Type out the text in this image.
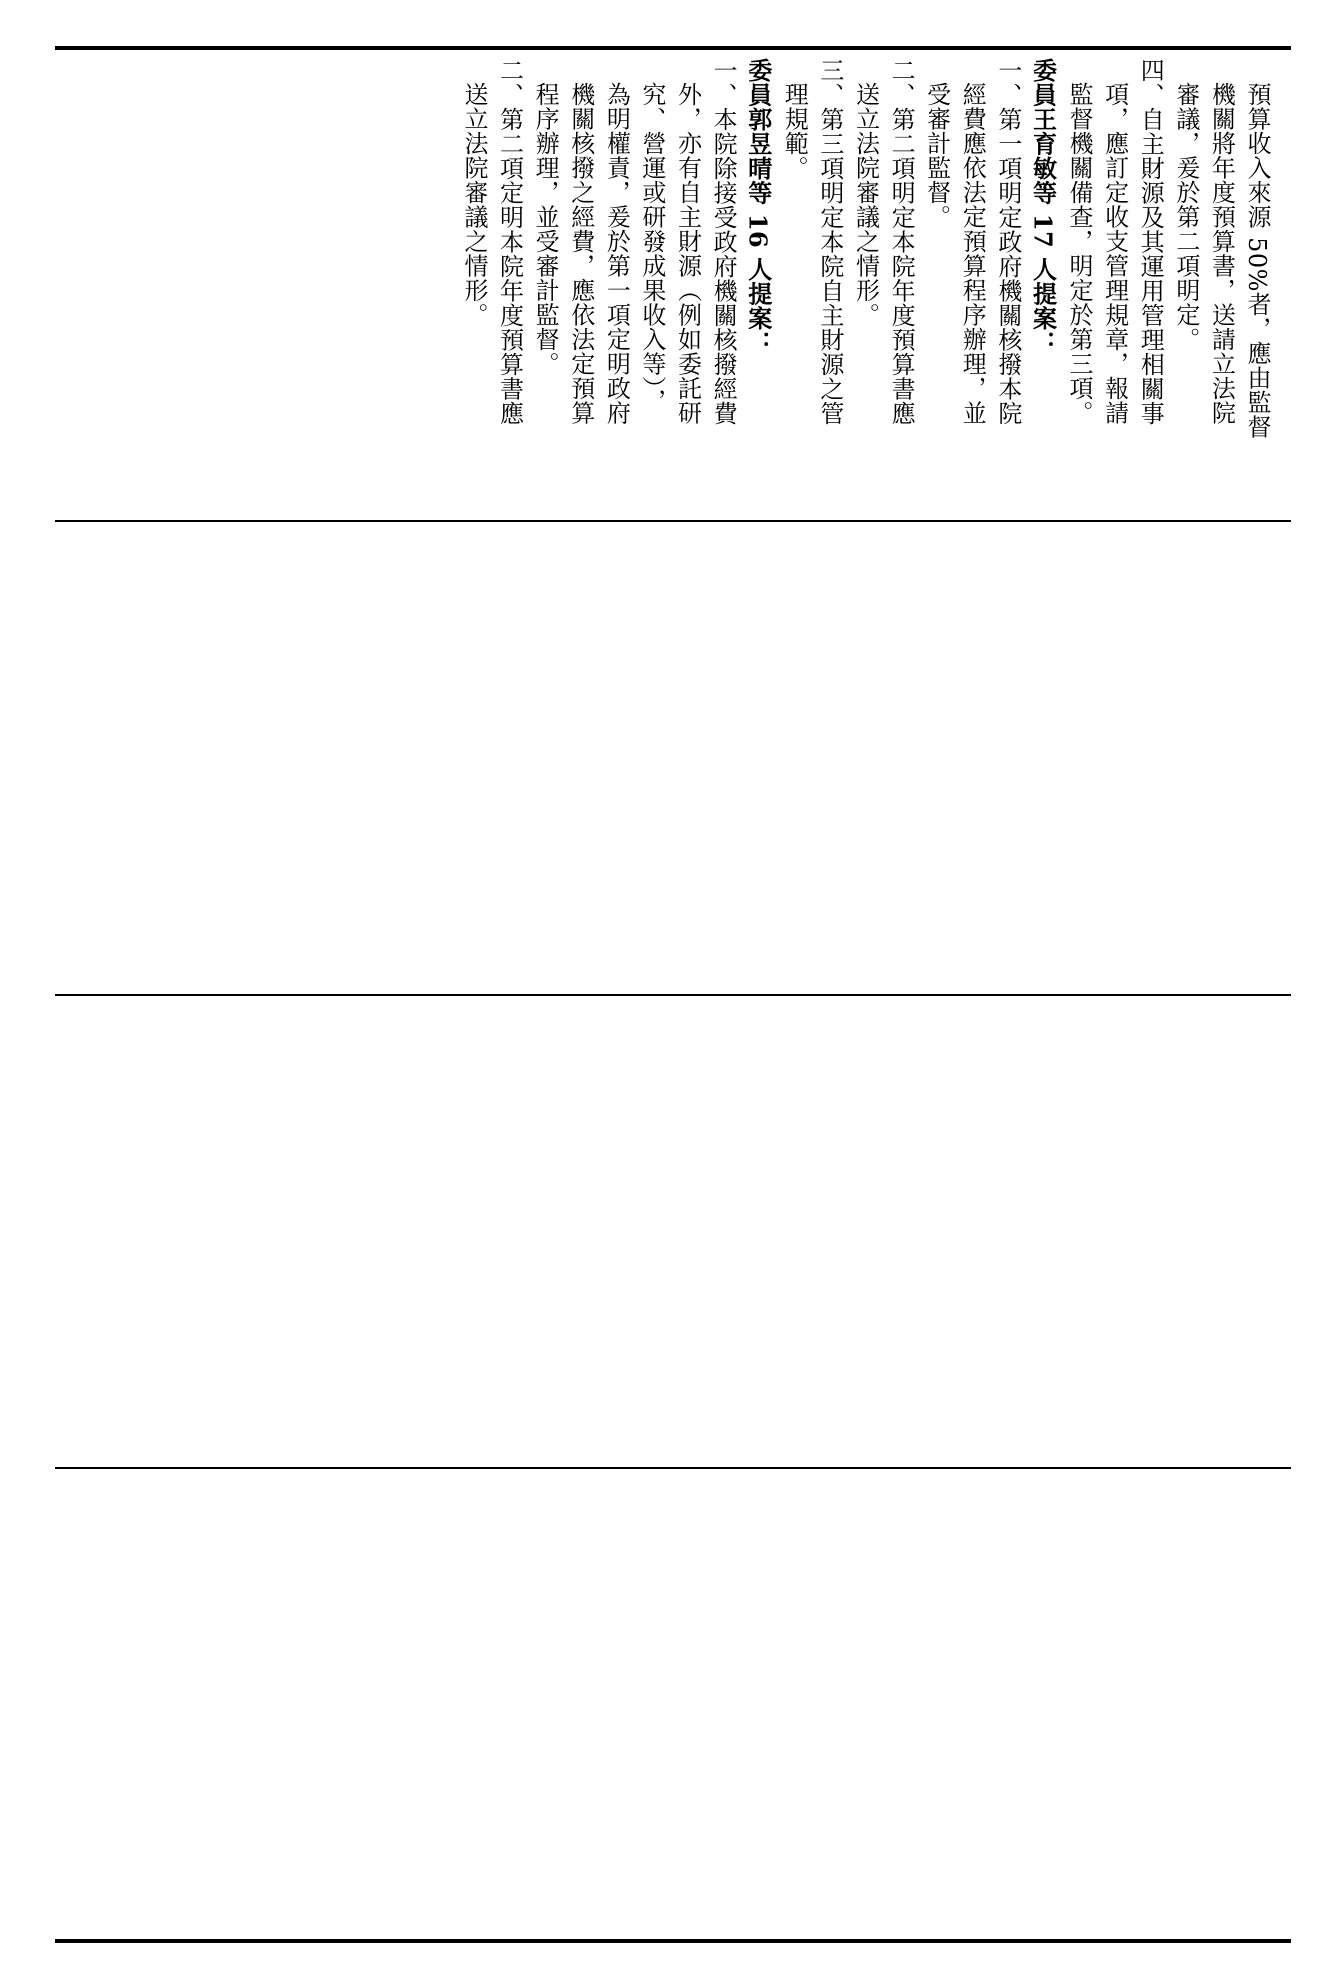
預算收入來源 50%者，應由監督
機關將年度預算書，送請立法院
審議，爰於第二項明定。
四、自主財源及其運用管理相關事
項，應訂定收支管理規章，報請
監督機關備查，明定於第三項。
委員王育敏等 17 人提案：
一、第一項明定政府機關核撥本院
經費應依法定預算程序辦理，並
受審計監督。
二、第二項明定本院年度預算書應
送立法院審議之情形。
三、第三項明定本院自主財源之管
理規範。
委員郭昱晴等 16 人提案：
一、本院除接受政府機關核撥經費
外，亦有自主財源（例如委託研
究、營運或研發成果收入等），
為明權責，爰於第一項定明政府
機關核撥之經費，應依法定預算
程序辦理，並受審計監督。
二、第二項定明本院年度預算書應
送立法院審議之情形。
